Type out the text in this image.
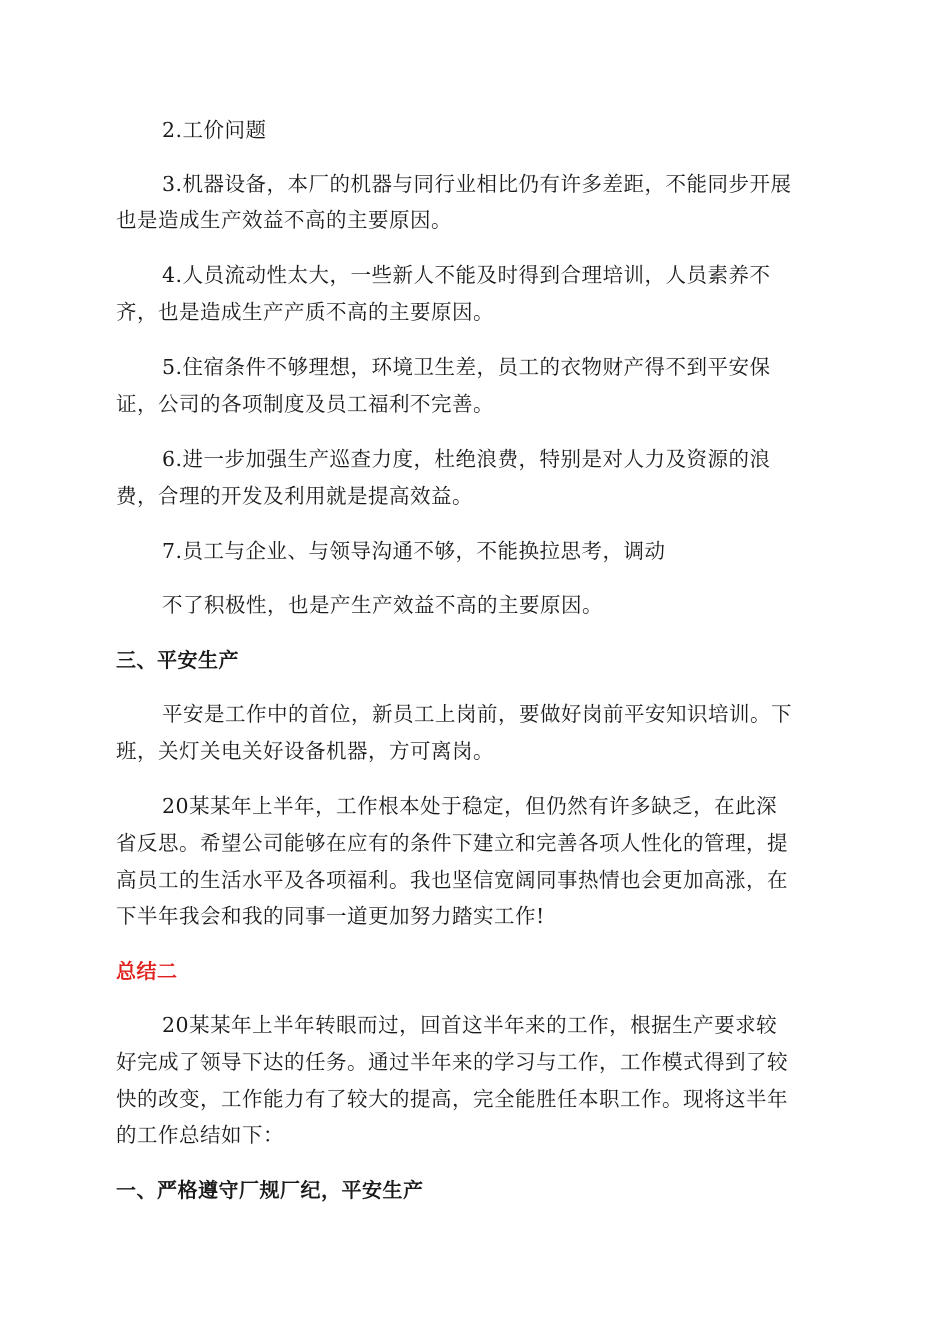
2.工价问题
3.机器设备，本厂的机器与同行业相比仍有许多差距，不能同步开展
也是造成生产效益不高的主要原因。
4.人员流动性太大，一些新人不能及时得到合理培训，人员素养不
齐，也是造成生产产质不高的主要原因。
5.住宿条件不够理想，环境卫生差，员工的衣物财产得不到平安保
证，公司的各项制度及员工福利不完善。
6.进一步加强生产巡查力度，杜绝浪费，特别是对人力及资源的浪
费，合理的开发及利用就是提高效益。
7.员工与企业、与领导沟通不够，不能换拉思考，调动
不了积极性，也是产生产效益不高的主要原因。
三、平安生产
平安是工作中的首位，新员工上岗前，要做好岗前平安知识培训。下
班，关灯关电关好设备机器，方可离岗。
20某某年上半年，工作根本处于稳定，但仍然有许多缺乏，在此深
省反思。希望公司能够在应有的条件下建立和完善各项人性化的管理，提
高员工的生活水平及各项福利。我也坚信宽阔同事热情也会更加高涨，在
下半年我会和我的同事一道更加努力踏实工作!
总结二
20某某年上半年转眼而过，回首这半年来的工作，根据生产要求较
好完成了领导下达的任务。通过半年来的学习与工作，工作模式得到了较
快的改变，工作能力有了较大的提高，完全能胜任本职工作。现将这半年
的工作总结如下：
一、严格遵守厂规厂纪，平安生产
